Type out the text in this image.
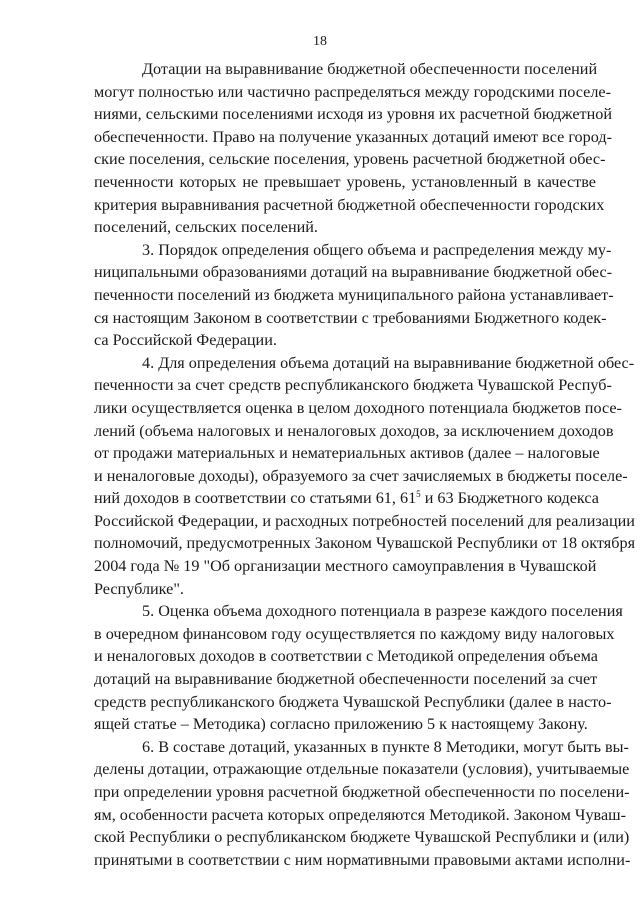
18
Дотации на выравнивание бюджетной обеспеченности поселений
могут полностью или частично распределяться между городскими поселе-
ниями, сельскими поселениями исходя из уровня их расчетной бюджетной
обеспеченности. Право на получение указанных дотаций имеют все город-
ские поселения, сельские поселения, уровень расчетной бюджетной обес-
печенности которых не превышает уровень, установленный в качестве
критерия выравнивания расчетной бюджетной обеспеченности городских
поселений, сельских поселений.
3. Порядок определения общего объема и распределения между му-
ниципальными образованиями дотаций на выравнивание бюджетной обес-
печенности поселений из бюджета муниципального района устанавливает-
ся настоящим Законом в соответствии с требованиями Бюджетного кодек-
са Российской Федерации.
4. Для определения объема дотаций на выравнивание бюджетной обес-
печенности за счет средств республиканского бюджета Чувашской Респуб-
лики осуществляется оценка в целом доходного потенциала бюджетов посе-
лений (объема налоговых и неналоговых доходов, за исключением доходов
от продажи материальных и нематериальных активов (далее – налоговые
и неналоговые доходы), образуемого за счет зачисляемых в бюджеты поселе-
ний доходов в соответствии со статьями 61, $61^5$ и 63 Бюджетного кодекса
Российской Федерации, и расходных потребностей поселений для реализации
полномочий, предусмотренных Законом Чувашской Республики от 18 октября
2004 года № 19 "Об организации местного самоуправления в Чувашской
Республике".
5. Оценка объема доходного потенциала в разрезе каждого поселения
в очередном финансовом году осуществляется по каждому виду налоговых
и неналоговых доходов в соответствии с Методикой определения объема
дотаций на выравнивание бюджетной обеспеченности поселений за счет
средств республиканского бюджета Чувашской Республики (далее в насто-
ящей статье – Методика) согласно приложению 5 к настоящему Закону.
6. В составе дотаций, указанных в пункте 8 Методики, могут быть вы-
делены дотации, отражающие отдельные показатели (условия), учитываемые
при определении уровня расчетной бюджетной обеспеченности по поселени-
ям, особенности расчета которых определяются Методикой. Законом Чуваш-
ской Республики о республиканском бюджете Чувашской Республики и (или)
принятыми в соответствии с ним нормативными правовыми актами исполни-
